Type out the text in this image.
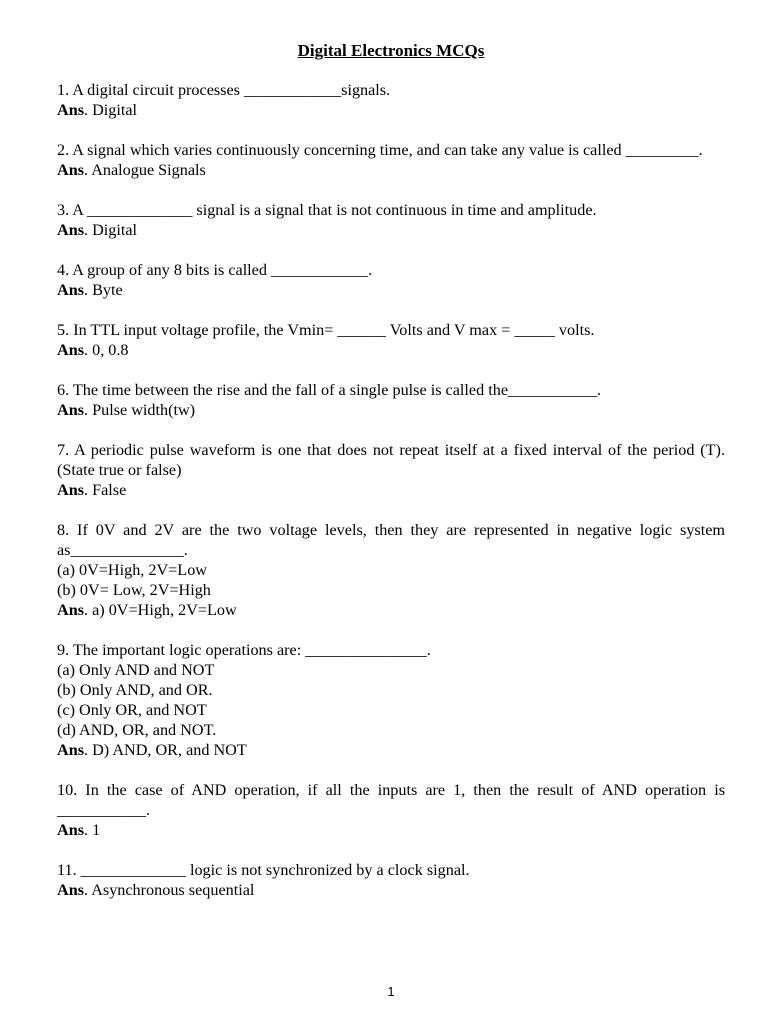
Digital Electronics MCQs
1. A digital circuit processes ____________signals.
Ans. Digital
2. A signal which varies continuously concerning time, and can take any value is called _________.
Ans. Analogue Signals
3. A _____________ signal is a signal that is not continuous in time and amplitude.
Ans. Digital
4. A group of any 8 bits is called ____________.
Ans. Byte
5. In TTL input voltage profile, the Vmin= ______ Volts and V max = _____ volts.
Ans. 0, 0.8
6. The time between the rise and the fall of a single pulse is called the___________.
Ans. Pulse width(tw)
7. A periodic pulse waveform is one that does not repeat itself at a fixed interval of the period (T). (State true or false)
Ans. False
8. If 0V and 2V are the two voltage levels, then they are represented in negative logic system as______________.
(a) 0V=High, 2V=Low
(b) 0V= Low, 2V=High
Ans. a) 0V=High, 2V=Low
9. The important logic operations are: _______________.
(a) Only AND and NOT
(b) Only AND, and OR.
(c) Only OR, and NOT
(d) AND, OR, and NOT.
Ans. D) AND, OR, and NOT
10. In the case of AND operation, if all the inputs are 1, then the result of AND operation is ___________.
Ans. 1
11. _____________ logic is not synchronized by a clock signal.
Ans. Asynchronous sequential
1
